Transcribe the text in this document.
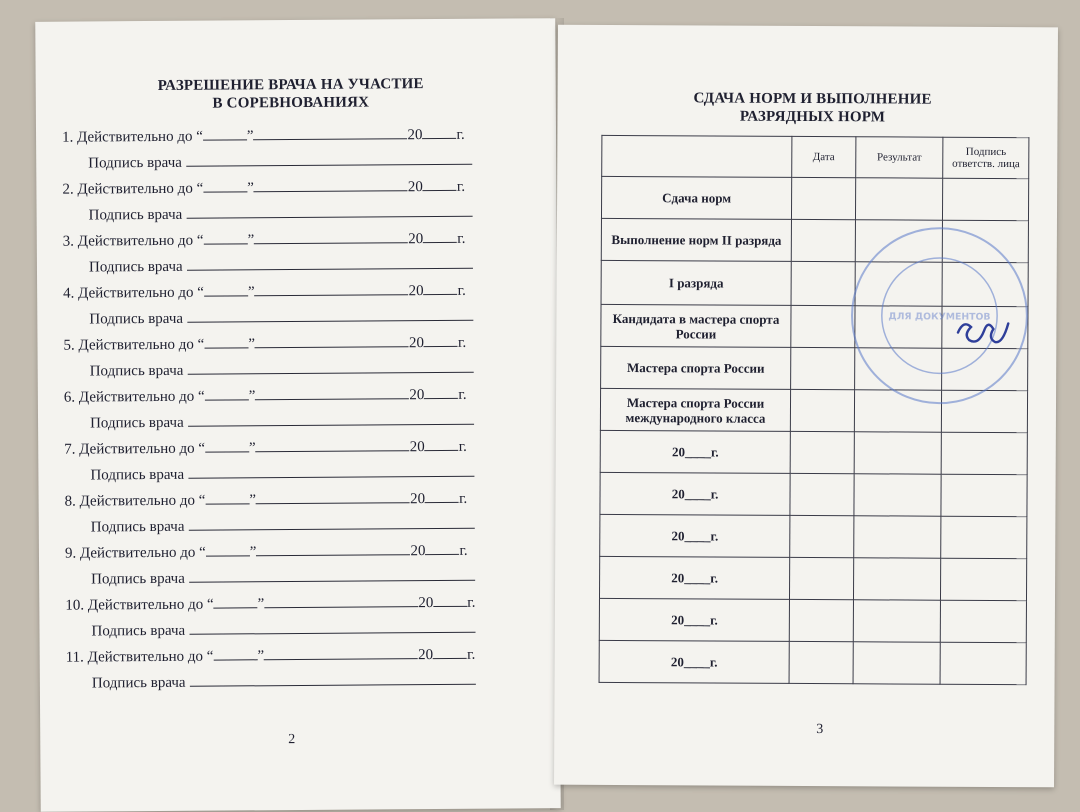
РАЗРЕШЕНИЕ ВРАЧА НА УЧАСТИЕ
В СОРЕВНОВАНИЯХ
1. Действительно до “	”	20 г.
Подпись врача
2. Действительно до “	”	20 г.
Подпись врача
3. Действительно до “	”	20 г.
Подпись врача
4. Действительно до “	”	20 г.
Подпись врача
5. Действительно до “	”	20 г.
Подпись врача
6. Действительно до “	”	20 г.
Подпись врача
7. Действительно до “	”	20 г.
Подпись врача
8. Действительно до “	”	20 г.
Подпись врача
9. Действительно до “	”	20 г.
Подпись врача
10. Действительно до “	”	20 г.
Подпись врача
11. Действительно до “	”	20 г.
Подпись врача
2
СДАЧА НОРМ И ВЫПОЛНЕНИЕ
РАЗРЯДНЫХ НОРМ
	Дата	Результат	Подпись ответств. лица
Сдача норм			
Выполнение норм II разряда			
I разряда			
Кандидата в мастера спорта России			
Мастера спорта России			
Мастера спорта России международного класса			
20____г.			
20____г.			
20____г.			
20____г.			
20____г.			
20____г.			
ДЛЯ ДОКУМЕНТОВ
3
